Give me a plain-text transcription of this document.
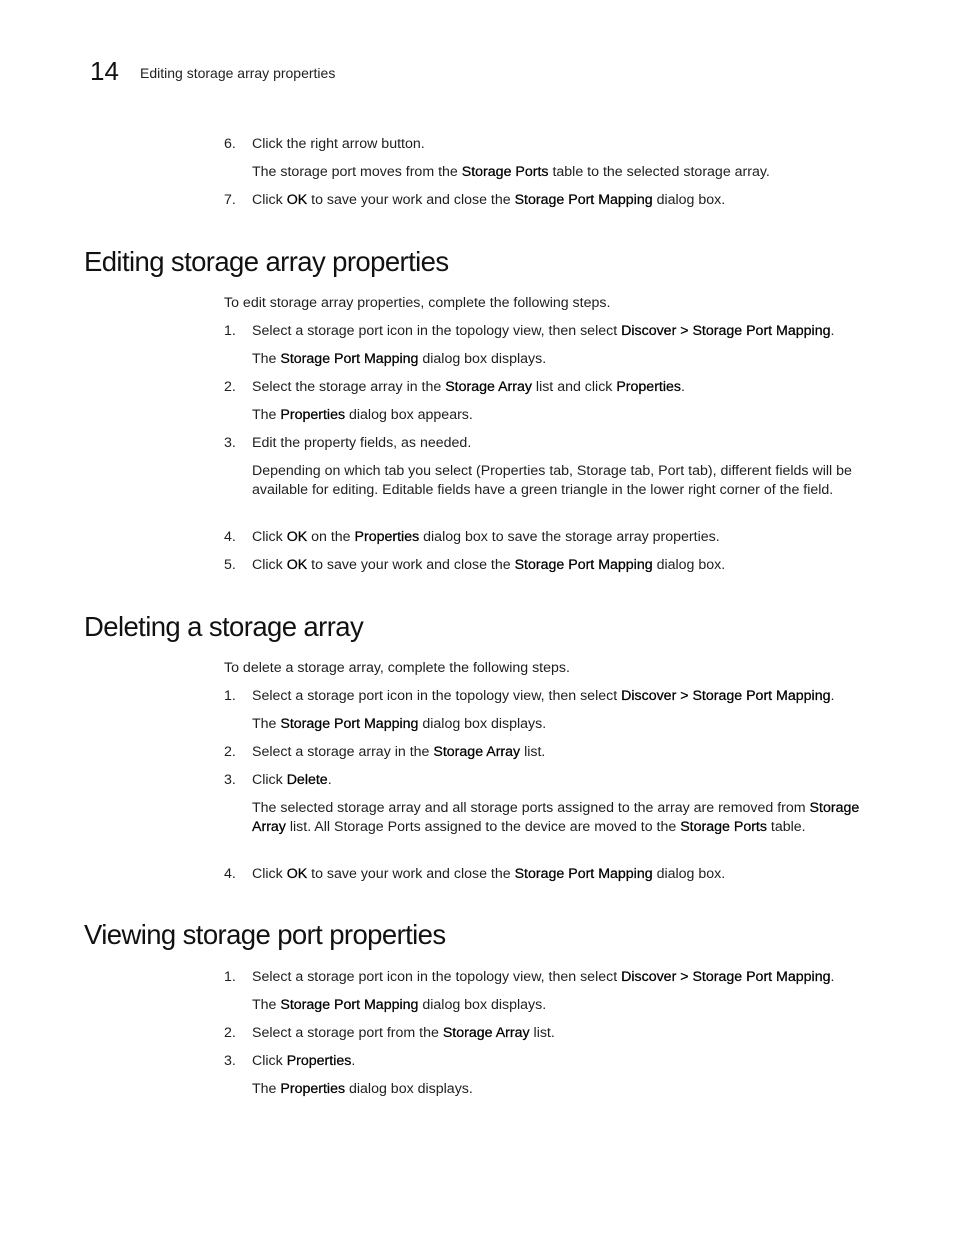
14 Editing storage array properties
6. Click the right arrow button.
The storage port moves from the Storage Ports table to the selected storage array.
7. Click OK to save your work and close the Storage Port Mapping dialog box.
Editing storage array properties
To edit storage array properties, complete the following steps.
1. Select a storage port icon in the topology view, then select Discover > Storage Port Mapping.
The Storage Port Mapping dialog box displays.
2. Select the storage array in the Storage Array list and click Properties.
The Properties dialog box appears.
3. Edit the property fields, as needed.
Depending on which tab you select (Properties tab, Storage tab, Port tab), different fields will be available for editing. Editable fields have a green triangle in the lower right corner of the field.
4. Click OK on the Properties dialog box to save the storage array properties.
5. Click OK to save your work and close the Storage Port Mapping dialog box.
Deleting a storage array
To delete a storage array, complete the following steps.
1. Select a storage port icon in the topology view, then select Discover > Storage Port Mapping.
The Storage Port Mapping dialog box displays.
2. Select a storage array in the Storage Array list.
3. Click Delete.
The selected storage array and all storage ports assigned to the array are removed from Storage Array list. All Storage Ports assigned to the device are moved to the Storage Ports table.
4. Click OK to save your work and close the Storage Port Mapping dialog box.
Viewing storage port properties
1. Select a storage port icon in the topology view, then select Discover > Storage Port Mapping.
The Storage Port Mapping dialog box displays.
2. Select a storage port from the Storage Array list.
3. Click Properties.
The Properties dialog box displays.
